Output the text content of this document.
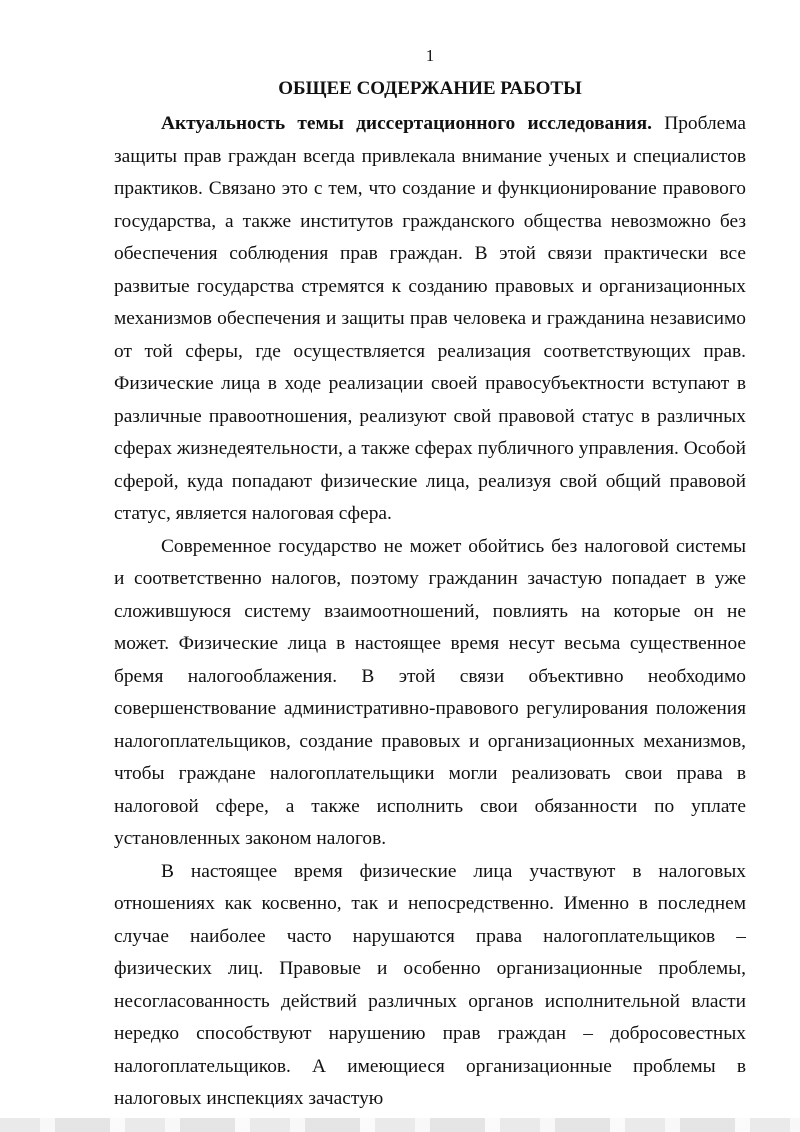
1
ОБЩЕЕ СОДЕРЖАНИЕ РАБОТЫ

Актуальность темы диссертационного исследования. Проблема защиты прав граждан всегда привлекала внимание ученых и специалистов практиков. Связано это с тем, что создание и функционирование правового государства, а также институтов гражданского общества невозможно без обеспечения соблюдения прав граждан. В этой связи практически все развитые государства стремятся к созданию правовых и организационных механизмов обеспечения и защиты прав человека и гражданина независимо от той сферы, где осуществляется реализация соответствующих прав. Физические лица в ходе реализации своей правосубъектности вступают в различные правоотношения, реализуют свой правовой статус в различных сферах жизнедеятельности, а также сферах публичного управления. Особой сферой, куда попадают физические лица, реализуя свой общий правовой статус, является налоговая сфера.

Современное государство не может обойтись без налоговой системы и соответственно налогов, поэтому гражданин зачастую попадает в уже сложившуюся систему взаимоотношений, повлиять на которые он не может. Физические лица в настоящее время несут весьма существенное бремя налогооблажения. В этой связи объективно необходимо совершенствование административно-правового регулирования положения налогоплательщиков, создание правовых и организационных механизмов, чтобы граждане налогоплательщики могли реализовать свои права в налоговой сфере, а также исполнить свои обязанности по уплате установленных законом налогов.

В настоящее время физические лица участвуют в налоговых отношениях как косвенно, так и непосредственно. Именно в последнем случае наиболее часто нарушаются права налогоплательщиков – физических лиц. Правовые и особенно организационные проблемы, несогласованность действий различных органов исполнительной власти нередко способствуют нарушению прав граждан – добросовестных налогоплательщиков. А имеющиеся организационные проблемы в налоговых инспекциях зачастую
